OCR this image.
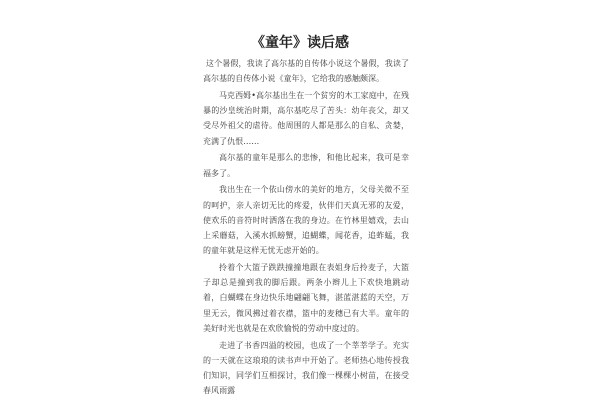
《童年》读后感

这个暑假，我读了高尔基的自传体小说这个暑假，我读了高尔基的自传体小说《童年》，它给我的感触颇深。

马克西姆•高尔基出生在一个贫穷的木工家庭中，在残暴的沙皇统治时期，高尔基吃尽了苦头：幼年丧父，却又受尽外祖父的虐待。他周围的人都是那么的自私、贪婪，充满了仇恨……

高尔基的童年是那么的悲惨，和他比起来，我可是幸福多了。

我出生在一个依山傍水的美好的地方，父母关微不至的呵护，亲人亲切无比的疼爱，伙伴们天真无邪的友爱，使欢乐的音符时时洒落在我的身边。在竹林里嬉戏，去山上采蘑菇，入溪水抓螃蟹，追蝴蝶，闻花香，追蚱蜢，我的童年就是这样无忧无虑开始的。

拎着个大篮子跌跌撞撞地跟在表姐身后拎麦子，大篮子却总是撞到我的脚后跟。两条小辫儿上下欢快地跳动着，白蝴蝶在身边快乐地翩翩飞舞，湛蓝湛蓝的天空，万里无云，微风拂过着衣襟，篮中的麦穗已有大半。童年的美好时光也就是在欢欣愉悦的劳动中度过的。

走进了书香四溢的校园，也成了一个莘莘学子。充实的一天就在这琅琅的读书声中开始了。老师热心地传授我们知识，同学们互相探讨，我们像一棵棵小树苗，在接受春风雨露
